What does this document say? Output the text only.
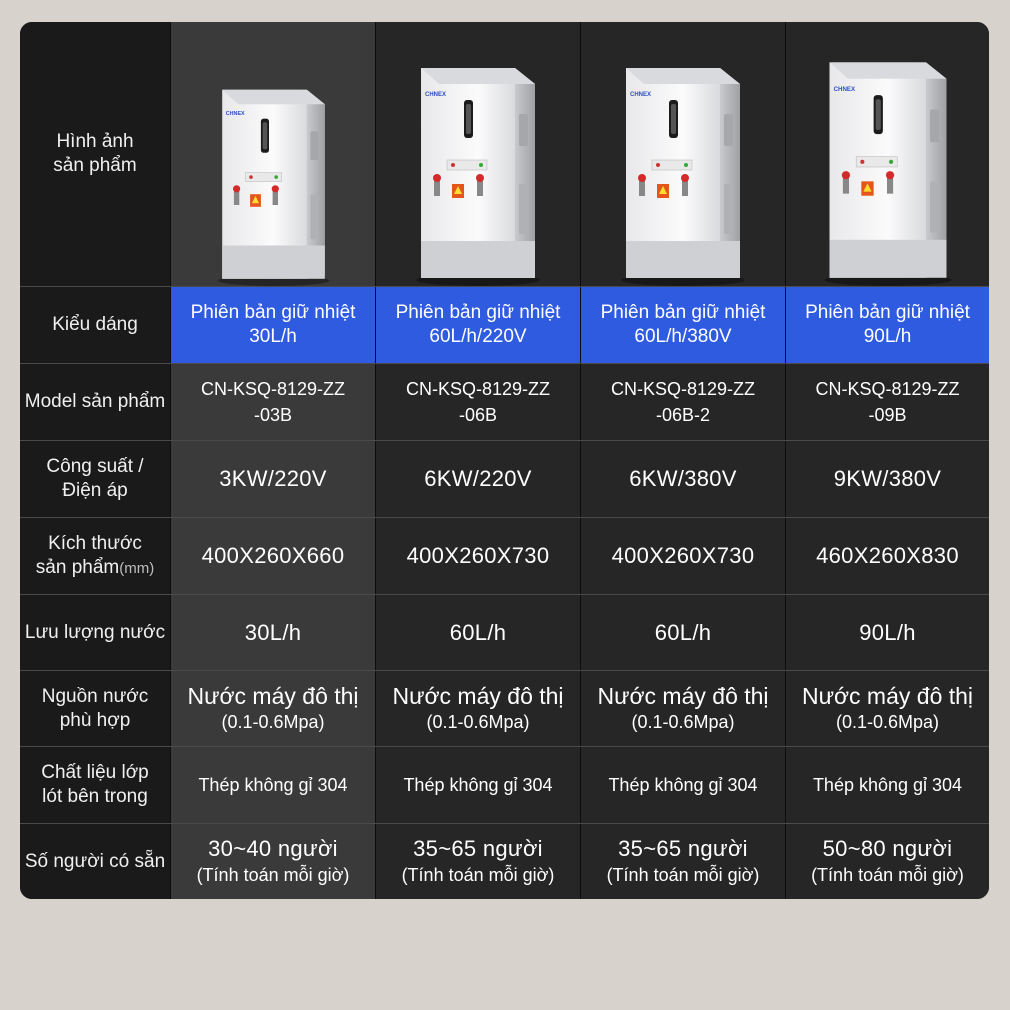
Hình ảnh
sản phẩm
Kiểu dáng
Model sản phẩm
Công suất /
Điện áp
Kích thước
sản phẩm(mm)
Lưu lượng nước
Nguồn nước
phù hợp
Chất liệu lớp
lót bên trong
Số người có sẵn
CHNEX
Phiên bản giữ nhiệt
30L/h
CN-KSQ-8129-ZZ
-03B
3KW/220V
400X260X660
30L/h
Nước máy đô thị
(0.1-0.6Mpa)
Thép không gỉ 304
30~40 người
(Tính toán mỗi giờ)
CHNEX
Phiên bản giữ nhiệt
60L/h/220V
CN-KSQ-8129-ZZ
-06B
6KW/220V
400X260X730
60L/h
Nước máy đô thị
(0.1-0.6Mpa)
Thép không gỉ 304
35~65 người
(Tính toán mỗi giờ)
CHNEX
Phiên bản giữ nhiệt
60L/h/380V
CN-KSQ-8129-ZZ
-06B-2
6KW/380V
400X260X730
60L/h
Nước máy đô thị
(0.1-0.6Mpa)
Thép không gỉ 304
35~65 người
(Tính toán mỗi giờ)
CHNEX
Phiên bản giữ nhiệt
90L/h
CN-KSQ-8129-ZZ
-09B
9KW/380V
460X260X830
90L/h
Nước máy đô thị
(0.1-0.6Mpa)
Thép không gỉ 304
50~80 người
(Tính toán mỗi giờ)
